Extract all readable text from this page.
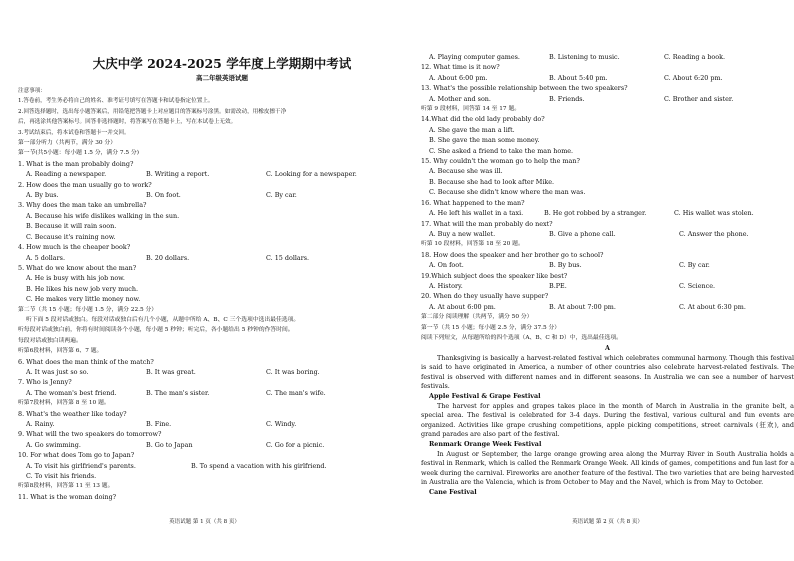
大庆中学 2024-2025 学年度上学期期中考试
高二年级英语试题
注意事项：
1.答卷前，考生务必将自己的姓名、准考证号填写在答题卡和试卷指定位置上。
2.回答选择题时，选出每小题答案后，用铅笔把答题卡上对应题目的答案标号涂黑。如需改动，用橡皮擦干净
后，再选涂其他答案标号。回答非选择题时，将答案写在答题卡上，写在本试卷上无效。
3.考试结束后，将本试卷和答题卡一并交回。
第一部分听力（共两节，满分 30 分）
第一节(共5小题：每小题 1.5 分，满分 7.5 分)
1. What is the man probably doing?
A. Reading a newspaper.	B. Writing a report.	C. Looking for a newspaper.
2. How does the man usually go to work?
A. By bus.	B. On foot.	C. By car.
3. Why does the man take an umbrella?
A. Because his wife dislikes walking in the sun.
B. Because it will rain soon.
C. Because it's raining now.
4. How much is the cheaper book?
A. 5 dollars.	B. 20 dollars.	C. 15 dollars.
5. What do we know about the man?
A. He is busy with his job now.
B. He likes his new job very much.
C. He makes very little money now.
第二节（共 15 小题；每小题 1.5 分，满分 22.5 分）
听下面 5 段对话或独白。每段对话或独白后有几个小题，从题中所给 A、B、C 三个选项中选出最佳选项。
听每段对话或独白前，你将有时间阅读各个小题，每小题 5 秒钟；听完后，各小题给出 5 秒钟的作答时间。
每段对话或独白读两遍。
听第6段材料，回答第 6、7 题。
6. What does the man think of the match?
A. It was just so so.	B. It was great.	C. It was boring.
7. Who is Jenny?
A. The woman's best friend.	B. The man's sister.	C. The man's wife.
听第7段材料，回答第 8 至 10 题。
8. What's the weather like today?
A. Rainy.	B. Fine.	C. Windy.
9. What will the two speakers do tomorrow?
A. Go swimming.	B. Go to Japan	C. Go for a picnic.
10. For what does Tom go to Japan?
A. To visit his girlfriend's parents.	B. To spend a vacation with his girlfriend.
C. To visit his friends.
听第8段材料，回答第 11 至 13 题。
11. What is the woman doing?
英语试题 第 1 页（共 8 页）
A. Playing computer games.	B. Listening to music.	C. Reading a book.
12. What time is it now?
A. About 6:00 pm.	B. About 5:40 pm.	C. About 6:20 pm.
13. What's the possible relationship between the two speakers?
A. Mother and son.	B. Friends.	C. Brother and sister.
听第 9 段材料，回答第 14 至 17 题。
14.What did the old lady probably do?
A. She gave the man a lift.
B. She gave the man some money.
C. She asked a friend to take the man home.
15. Why couldn't the woman go to help the man?
A. Because she was ill.
B. Because she had to look after Mike.
C. Because she didn't know where the man was.
16. What happened to the man?
A. He left his wallet in a taxi.	B. He got robbed by a stranger.	C. His wallet was stolen.
17. What will the man probably do next?
A. Buy a new wallet.	B. Give a phone call.	C. Answer the phone.
听第 10 段材料，回答第 18 至 20 题。
18. How does the speaker and her brother go to school?
A. On foot.	B. By bus.	C. By car.
19.Which subject does the speaker like best?
A. History.	B.PE.	C. Science.
20. When do they usually have supper?
A. At about 6:00 pm.	B. At about 7:00 pm.	C. At about 6:30 pm.
第二部分 阅读理解（共两节，满分 50 分）
第一节（共 15 小题；每小题 2.5 分，满分 37.5 分）
阅读下列短文，从每题所给的四个选项（A、B、C 和 D）中，选出最佳选项。
A
Thanksgiving is basically a harvest-related festival which celebrates communal harmony. Though this festival is said to have originated in America, a number of other countries also celebrate harvest-related festivals. The festival is observed with different names and in different seasons. In Australia we can see a number of harvest festivals.
Apple Festival & Grape Festival
The harvest for apples and grapes takes place in the month of March in Australia in the granite belt, a special area. The festival is celebrated for 3-4 days. During the festival, various cultural and fun events are organized. Activities like grape crushing competitions, apple picking competitions, street carnivals (狂欢), and grand parades are also part of the festival.
Renmark Orange Week Festival
In August or September, the large orange growing area along the Murray River in South Australia holds a festival in Renmark, which is called the Renmark Orange Week. All kinds of games, competitions and fun last for a week during the carnival. Fireworks are another feature of the festival. The two varieties that are being harvested in Australia are the Valencia, which is from October to May and the Navel, which is from May to October.
Cane Festival
英语试题 第 2 页（共 8 页）
